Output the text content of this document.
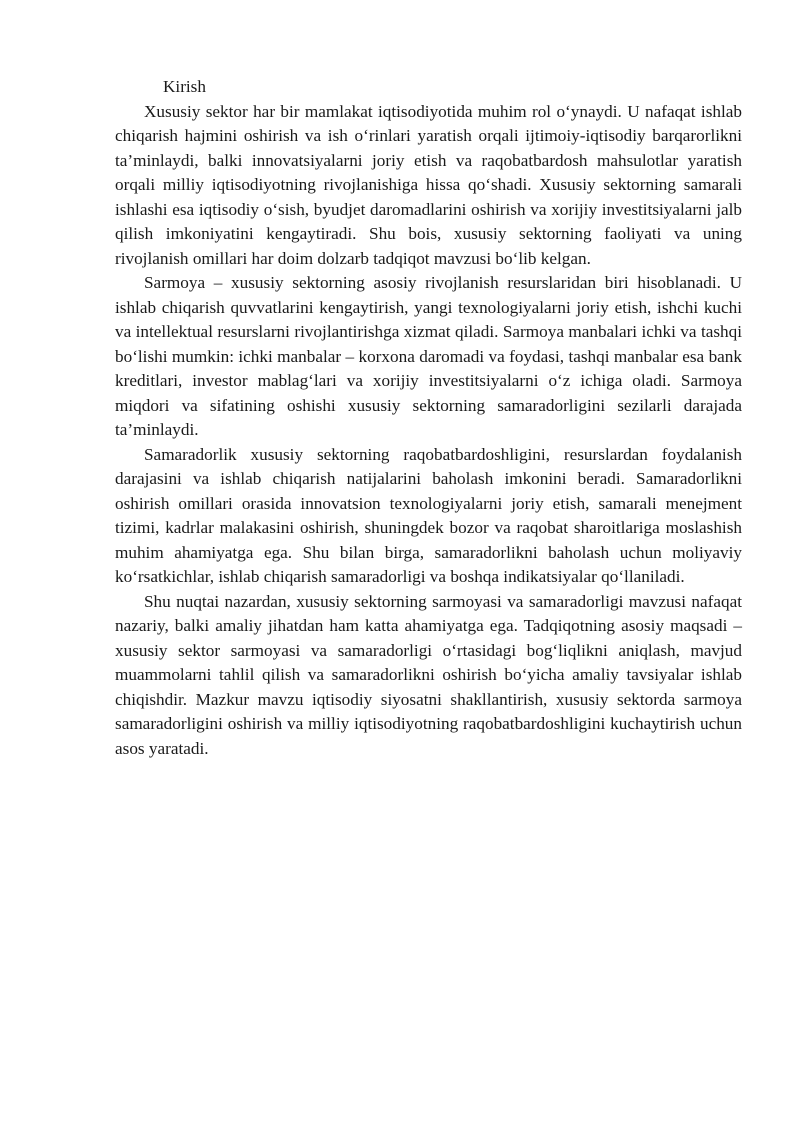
Kirish

Xususiy sektor har bir mamlakat iqtisodiyotida muhim rol o‘ynaydi. U nafaqat ishlab chiqarish hajmini oshirish va ish o‘rinlari yaratish orqali ijtimoiy-iqtisodiy barqarorlikni ta’minlaydi, balki innovatsiyalarni joriy etish va raqobatbardosh mahsulotlar yaratish orqali milliy iqtisodiyotning rivojlanishiga hissa qo‘shadi. Xususiy sektorning samarali ishlashi esa iqtisodiy o‘sish, byudjet daromadlarini oshirish va xorijiy investitsiyalarni jalb qilish imkoniyatini kengaytiradi. Shu bois, xususiy sektorning faoliyati va uning rivojlanish omillari har doim dolzarb tadqiqot mavzusi bo‘lib kelgan.

Sarmoya – xususiy sektorning asosiy rivojlanish resurslaridan biri hisoblanadi. U ishlab chiqarish quvvatlarini kengaytirish, yangi texnologiyalarni joriy etish, ishchi kuchi va intellektual resurslarni rivojlantirishga xizmat qiladi. Sarmoya manbalari ichki va tashqi bo‘lishi mumkin: ichki manbalar – korxona daromadi va foydasi, tashqi manbalar esa bank kreditlari, investor mablag‘lari va xorijiy investitsiyalarni o‘z ichiga oladi. Sarmoya miqdori va sifatining oshishi xususiy sektorning samaradorligini sezilarli darajada ta’minlaydi.

Samaradorlik xususiy sektorning raqobatbardoshligini, resurslardan foydalanish darajasini va ishlab chiqarish natijalarini baholash imkonini beradi. Samaradorlikni oshirish omillari orasida innovatsion texnologiyalarni joriy etish, samarali menejment tizimi, kadrlar malakasini oshirish, shuningdek bozor va raqobat sharoitlariga moslashish muhim ahamiyatga ega. Shu bilan birga, samaradorlikni baholash uchun moliyaviy ko‘rsatkichlar, ishlab chiqarish samaradorligi va boshqa indikatsiyalar qo‘llaniladi.

Shu nuqtai nazardan, xususiy sektorning sarmoyasi va samaradorligi mavzusi nafaqat nazariy, balki amaliy jihatdan ham katta ahamiyatga ega. Tadqiqotning asosiy maqsadi – xususiy sektor sarmoyasi va samaradorligi o‘rtasidagi bog‘liqlikni aniqlash, mavjud muammolarni tahlil qilish va samaradorlikni oshirish bo‘yicha amaliy tavsiyalar ishlab chiqishdir. Mazkur mavzu iqtisodiy siyosatni shakllantirish, xususiy sektorda sarmoya samaradorligini oshirish va milliy iqtisodiyotning raqobatbardoshligini kuchaytirish uchun asos yaratadi.
